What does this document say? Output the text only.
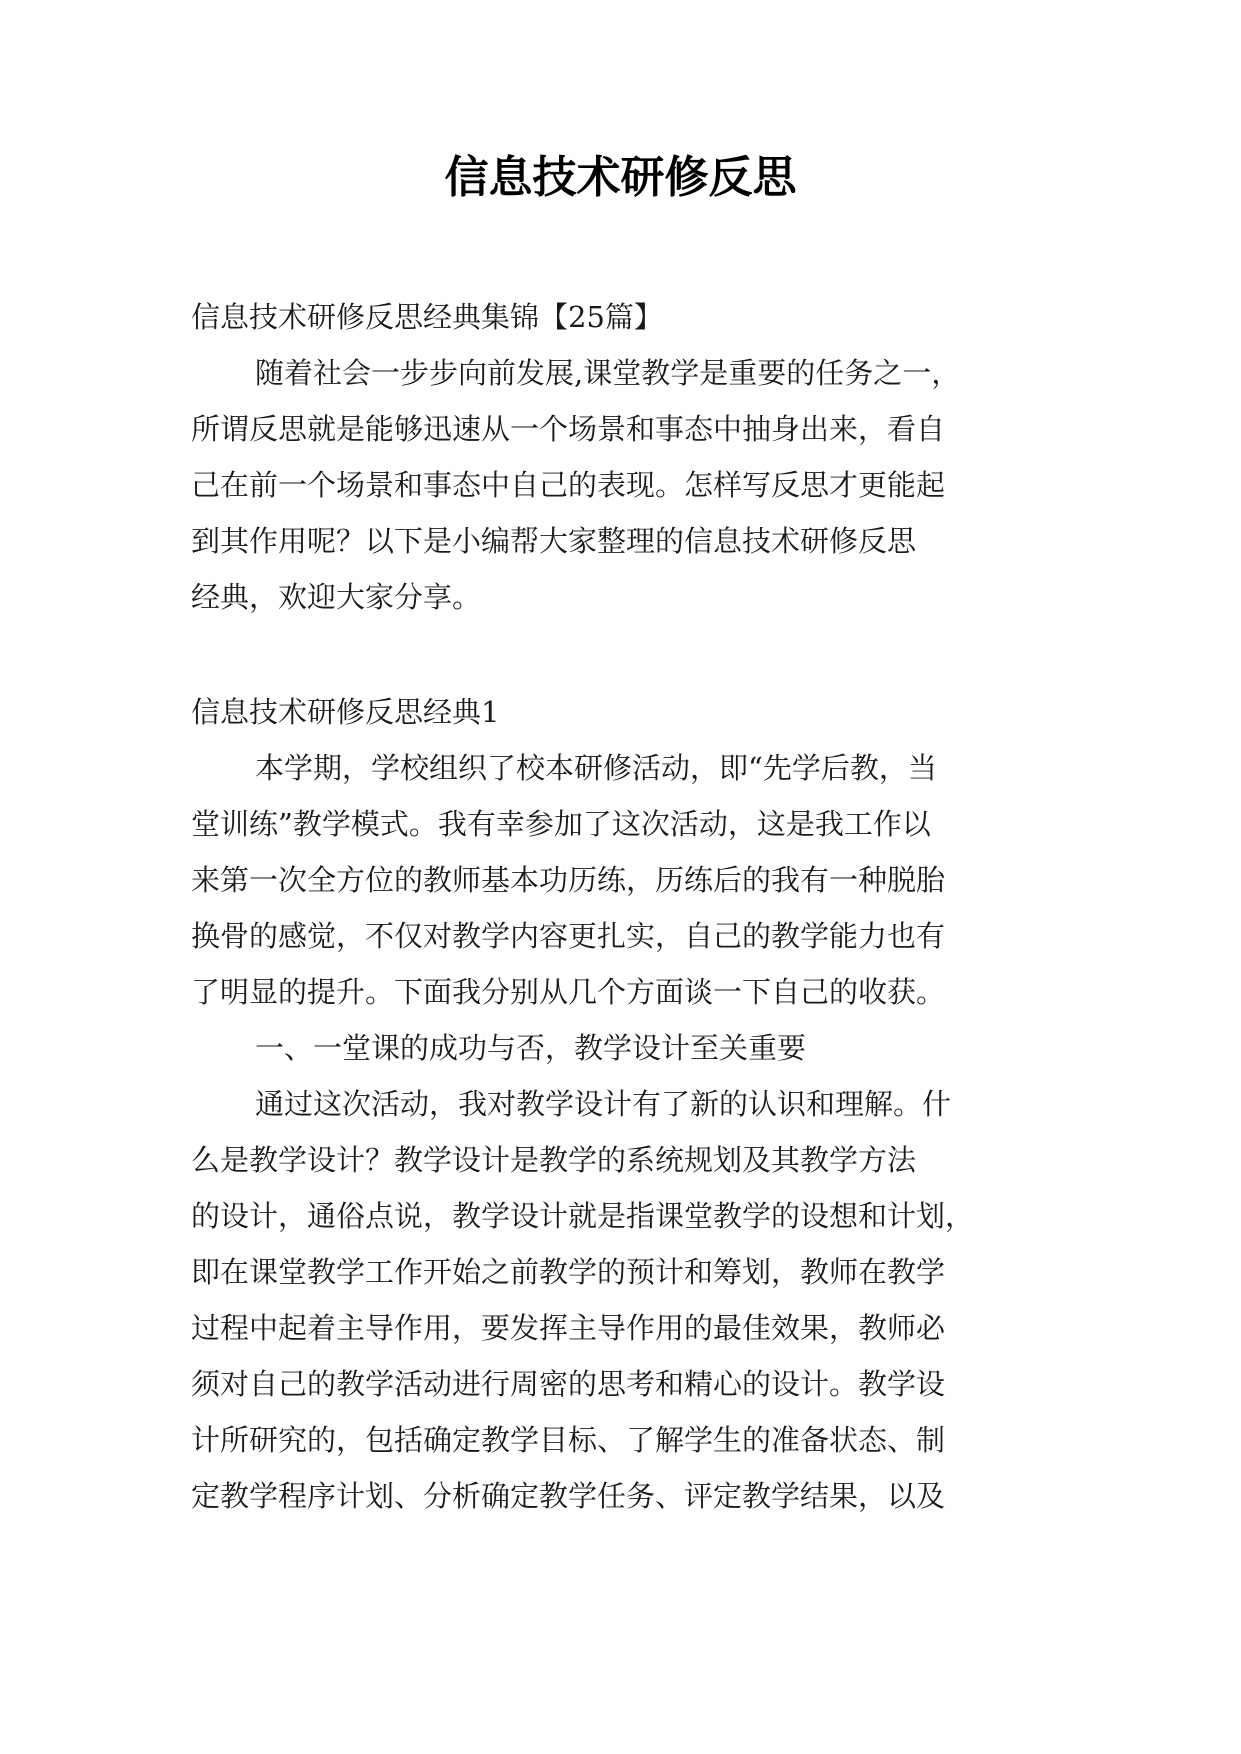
信息技术研修反思
信息技术研修反思经典集锦【25篇】
随着社会一步步向前发展,课堂教学是重要的任务之一，
所谓反思就是能够迅速从一个场景和事态中抽身出来，看自
己在前一个场景和事态中自己的表现。怎样写反思才更能起
到其作用呢？以下是小编帮大家整理的信息技术研修反思
经典，欢迎大家分享。
信息技术研修反思经典1
本学期，学校组织了校本研修活动，即“先学后教，当
堂训练”教学模式。我有幸参加了这次活动，这是我工作以
来第一次全方位的教师基本功历练，历练后的我有一种脱胎
换骨的感觉，不仅对教学内容更扎实，自己的教学能力也有
了明显的提升。下面我分别从几个方面谈一下自己的收获。
一、一堂课的成功与否，教学设计至关重要
通过这次活动，我对教学设计有了新的认识和理解。什
么是教学设计？教学设计是教学的系统规划及其教学方法
的设计，通俗点说，教学设计就是指课堂教学的设想和计划，
即在课堂教学工作开始之前教学的预计和筹划，教师在教学
过程中起着主导作用，要发挥主导作用的最佳效果，教师必
须对自己的教学活动进行周密的思考和精心的设计。教学设
计所研究的，包括确定教学目标、了解学生的准备状态、制
定教学程序计划、分析确定教学任务、评定教学结果，以及
